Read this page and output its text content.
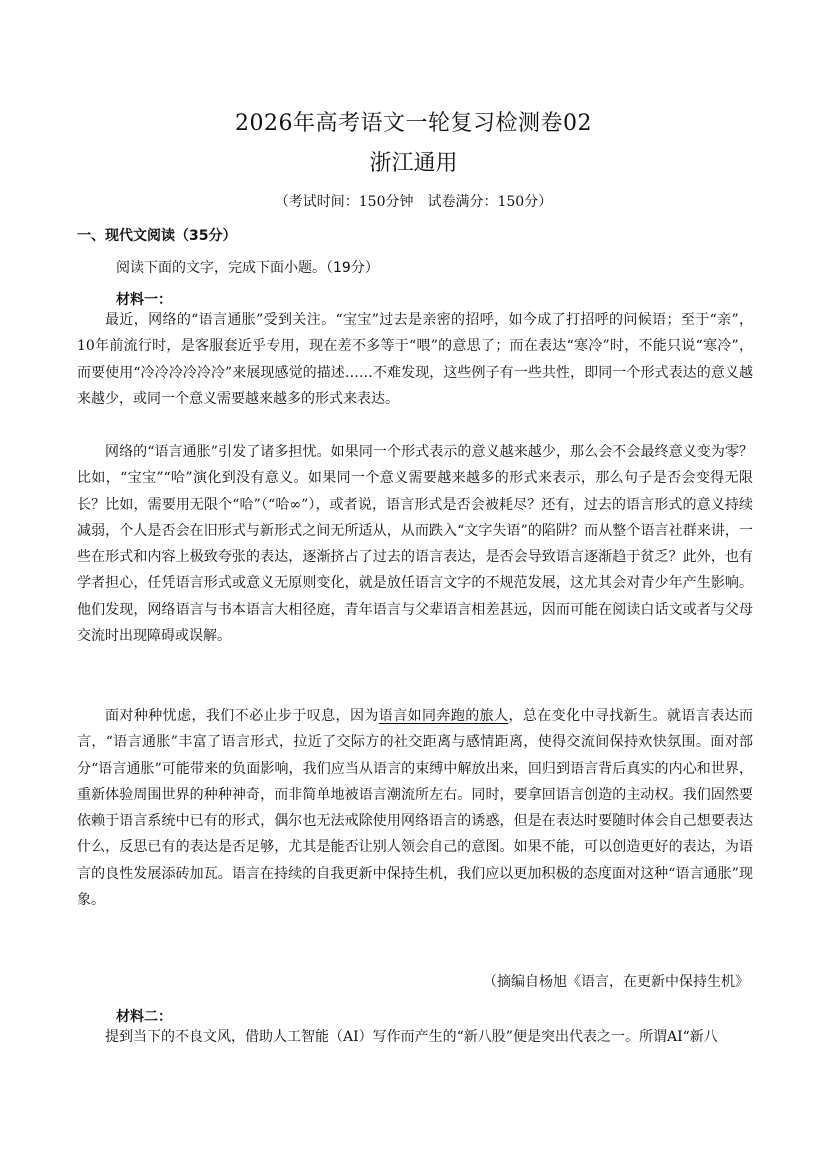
2026年高考语文一轮复习检测卷02
浙江通用
（考试时间：150分钟　试卷满分：150分）
一、现代文阅读（35分）
阅读下面的文字，完成下面小题。（19分）
材料一：

最近，网络的“语言通胀”受到关注。“宝宝”过去是亲密的招呼，如今成了打招呼的问候语；至于“亲”，10年前流行时，是客服套近乎专用，现在差不多等于“喂”的意思了；而在表达“寒冷”时，不能只说“寒冷”，而要使用“冷冷冷冷冷冷”来展现感觉的描述……不难发现，这些例子有一些共性，即同一个形式表达的意义越来越少，或同一个意义需要越来越多的形式来表达。

网络的“语言通胀”引发了诸多担忧。如果同一个形式表示的意义越来越少，那么会不会最终意义变为零？比如，“宝宝”“哈”演化到没有意义。如果同一个意义需要越来越多的形式来表示，那么句子是否会变得无限长？比如，需要用无限个“哈”（“哈∞”），或者说，语言形式是否会被耗尽？还有，过去的语言形式的意义持续减弱，个人是否会在旧形式与新形式之间无所适从，从而跌入“文字失语”的陷阱？而从整个语言社群来讲，一些在形式和内容上极致夸张的表达，逐渐挤占了过去的语言表达，是否会导致语言逐渐趋于贫乏？此外，也有学者担心，任凭语言形式或意义无原则变化，就是放任语言文字的不规范发展，这尤其会对青少年产生影响。他们发现，网络语言与书本语言大相径庭，青年语言与父辈语言相差甚远，因而可能在阅读白话文或者与父母交流时出现障碍或误解。

面对种种忧虑，我们不必止步于叹息，因为语言如同奔跑的旅人，总在变化中寻找新生。就语言表达而言，“语言通胀”丰富了语言形式，拉近了交际方的社交距离与感情距离，使得交流间保持欢快氛围。面对部分“语言通胀”可能带来的负面影响，我们应当从语言的束缚中解放出来，回归到语言背后真实的内心和世界，重新体验周围世界的种种神奇，而非简单地被语言潮流所左右。同时，要拿回语言创造的主动权。我们固然要依赖于语言系统中已有的形式，偶尔也无法戒除使用网络语言的诱惑，但是在表达时要随时体会自己想要表达什么，反思已有的表达是否足够，尤其是能否让别人领会自己的意图。如果不能，可以创造更好的表达，为语言的良性发展添砖加瓦。语言在持续的自我更新中保持生机，我们应以更加积极的态度面对这种“语言通胀”现象。

（摘编自杨旭《语言，在更新中保持生机》
材料二：

提到当下的不良文风，借助人工智能（AI）写作而产生的“新八股”便是突出代表之一。所谓AI“新八
